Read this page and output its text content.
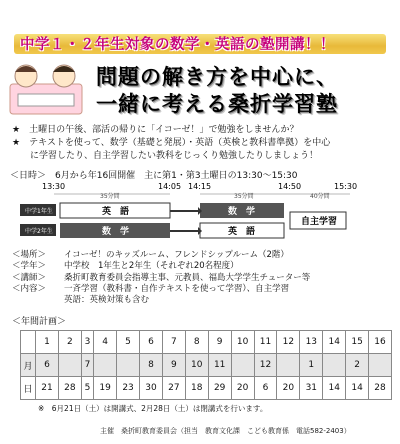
中学１・２年生対象の数学・英語の塾開講！！
問題の解き方を中心に、
一緒に考える桑折学習塾
★　土曜日の午後、部活の帰りに「イコーゼ！」で勉強をしませんか？
★　テキストを使って、数学（基礎と発展）・英語（英検と教科書準拠）を中心
　　に学習したり、自主学習したい教科をじっくり勉強したりしましょう！
＜日時＞　6月から年16回開催　主に第1・第3土曜日の13:30～15:30
13:30	14:05 14:15	14:50	15:30
35分間	35分間	40分間
中学1年生	英　語	数　学
中学2年生	数　学	英　語
自主学習
＜場所＞ イコーゼ！のキッズルーム、フレンドシップルーム（2階）
＜学年＞ 中学校　1年生と2年生（それぞれ20名程度）
＜講師＞ 桑折町教育委員会指導主事、元教員、福島大学学生チューター等
＜内容＞ 一斉学習（教科書・自作テキストを使って学習）、自主学習
英語：英検対策も含む
＜年間計画＞
	1	2	3	4	5	6	7	8	9	10	11	12	13	14	15	16
月	6		7			8	9	10	11		12		1		2	
日	21	28	5	19	23	30	27	18	29	20	6	20	31	14	14	28
※　6月21日（土）は開講式、2月28日（土）は閉講式を行います。
主催　桑折町教育委員会（担当　教育文化課　こども教育係　電話582-2403）
